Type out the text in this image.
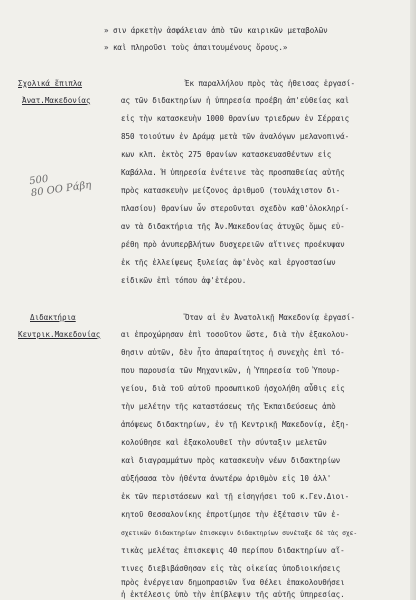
» σιν άρκετὴν ἀσφάλειαν ἀπὸ τῶν καιρικῶν μεταβολῶν
» καὶ πληροῦσι τοὺς ἀπαιτουμένους ὅρους.»
Σχολικά ἔπιπλα
Ἀνατ.Μακεδονίας
Ἐκ παραλλήλου πρὸς τὰς ἠθεισας ἐργασί-
ας τῶν διδακτηρίων ἡ ὑπηρεσία προέβη ἀπ'εὐθείας καὶ
εἰς τὴν κατασκευὴν 1000 θρανίων τριεδρων ἐν Σέρραις
850 τοιούτων ἐν Δράμᾳ μετὰ τῶν ἀναλόγων μελανοπινά-
κων κλπ. ἐκτὸς 275 θρανίων κατασκευασθέντων εἰς
Καβάλλα. Ἡ ὑπηρεσία ἐνέτεινε τὰς προσπαθείας αὐτῆς
πρὸς κατασκευὴν μείζονος ἀριθμοῦ (τουλάχιστον δι-
πλασίου) θρανίων ὧν στεροῦνται σχεδὸν καθ'ὁλοκληρί-
αν τὰ διδακτήρια τῆς Ἀν.Μακεδονίας ἀτυχῶς ὅμως εὐ-
ρέθη πρὸ ἀνυπερβλήτων δυσχερειῶν αἵτινες προέκυψαν
ἐκ τῆς ἐλλείψεως ξυλείας ἀφ'ἑνὸς καὶ ἐργοστασίων
εἰδικῶν ἐπὶ τόπου ἀφ'ἑτέρου.
500
80 ΟΟ Ράβη
Διδακτήρια
Κεντρικ.Μακεδονίας
Ὅταν αἱ ἐν Ἀνατολικῇ Μακεδονίᾳ ἐργασί-
αι ἐπροχώρησαν ἐπὶ τοσοῦτον ὥστε, διὰ τὴν ἐξακολου-
θησιν αὐτῶν, δὲν ἦτο ἀπαραίτητος ἡ συνεχὴς ἐπὶ τό-
που παρουσία τῶν Μηχανικῶν, ἡ Ὑπηρεσία τοῦ Ὑπουρ-
γείου, διὰ τοῦ αὐτοῦ προσωπικοῦ ἠσχολήθη αὖθις εἰς
τὴν μελέτην τῆς καταστάσεως τῆς Ἐκπαιδεύσεως ἀπὸ
ἀπόψεως διδακτηρίων, ἐν τῇ Κεντρικῇ Μακεδονίᾳ, ἐξη-
κολούθησε καὶ ἐξακολουθεῖ τὴν σύνταξιν μελετῶν
καὶ διαγραμμάτων πρὸς κατασκευὴν νέων διδακτηρίων
αὐξήσασα τὸν ἠθέντα ἀνωτέρω ἀριθμὸν εἰς 10 ἀλλ'
ἐκ τῶν περιστάσεων καὶ τῇ εἰσηγήσει τοῦ κ.Γεν.Διοι-
κητοῦ Θεσσαλονίκης ἐπροτίμησε τὴν ἐξέτασιν τῶν ἐ-
σχετικῶν διδακτηρίων ἐπισκεψιν διδακτηρίων συνέταξε δὲ τὰς σχε-
τικὰς μελέτας ἐπισκεψις 40 περίπου διδακτηρίων αἵ-
τινες διεβιβάσθησαν εἰς τὰς οἰκείας ὑποδιοικήσεις
πρὸς ἐνέργειαν δημοπρασιῶν ἵνα θέλει ἐπακολουθήσει
ἡ ἐκτέλεσις ὑπὸ τὴν ἐπίβλεψιν τῆς αὐτῆς ὑπηρεσίας.
